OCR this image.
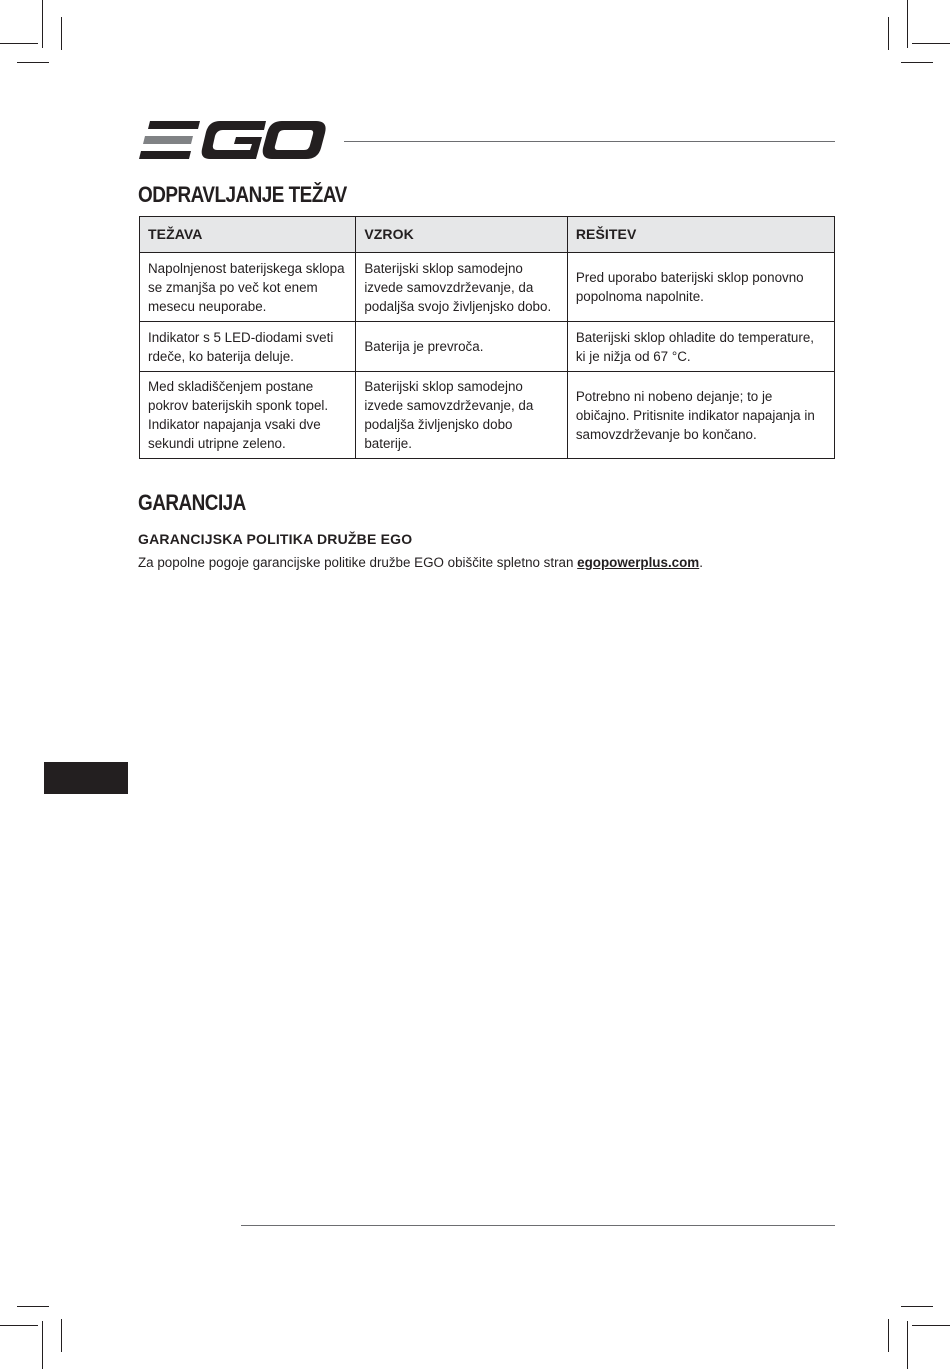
ODPRAVLJANJE TEŽAV
TEŽAVA	VZROK	REŠITEV
Napolnjenost baterijskega sklopa se zmanjša po več kot enem mesecu neuporabe.	Baterijski sklop samodejno izvede samovzdrževanje, da podaljša svojo življenjsko dobo.	Pred uporabo baterijski sklop ponovno popolnoma napolnite.
Indikator s 5 LED-diodami sveti rdeče, ko baterija deluje.	Baterija je prevroča.	Baterijski sklop ohladite do temperature, ki je nižja od 67 °C.
Med skladiščenjem postane pokrov baterijskih sponk topel. Indikator napajanja vsaki dve sekundi utripne zeleno.	Baterijski sklop samodejno izvede samovzdrževanje, da podaljša življenjsko dobo baterije.	Potrebno ni nobeno dejanje; to je običajno. Pritisnite indikator napajanja in samovzdrževanje bo končano.
GARANCIJA
GARANCIJSKA POLITIKA DRUŽBE EGO

Za popolne pogoje garancijske politike družbe EGO obiščite spletno stran egopowerplus.com.
